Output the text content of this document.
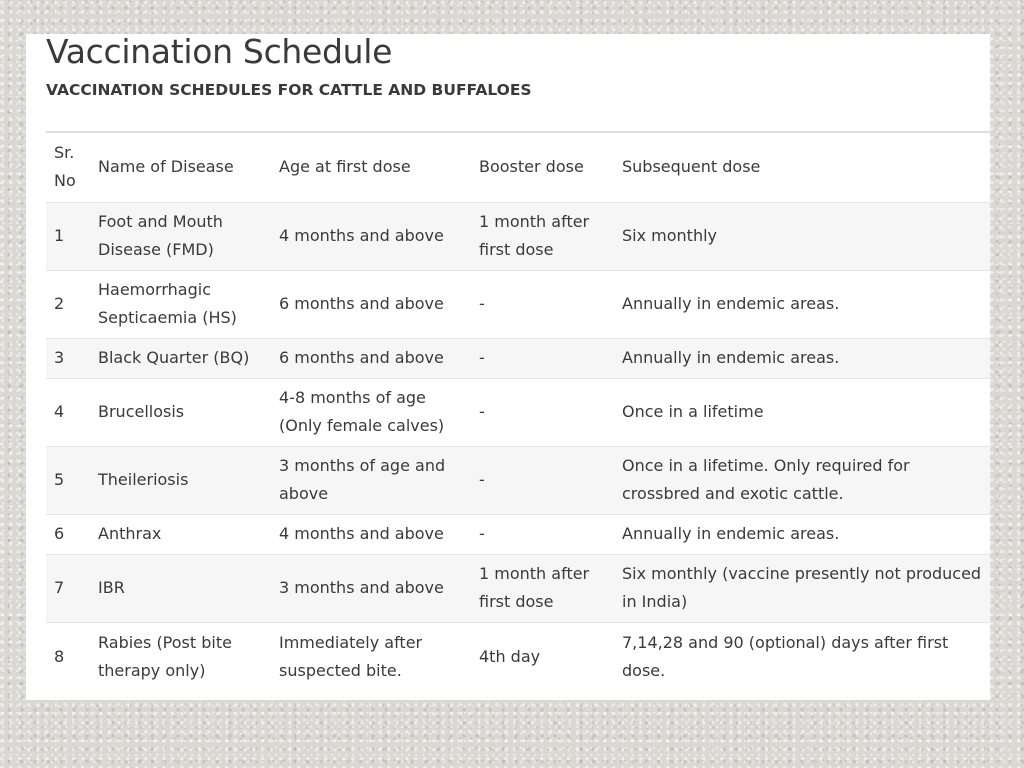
Vaccination Schedule
VACCINATION SCHEDULES FOR CATTLE AND BUFFALOES
Sr. No	Name of Disease	Age at first dose	Booster dose	Subsequent dose
1	Foot and Mouth Disease (FMD)	4 months and above	1 month after first dose	Six monthly
2	Haemorrhagic Septicaemia (HS)	6 months and above	-	Annually in endemic areas.
3	Black Quarter (BQ)	6 months and above	-	Annually in endemic areas.
4	Brucellosis	4-8 months of age (Only female calves)	-	Once in a lifetime
5	Theileriosis	3 months of age and above	-	Once in a lifetime. Only required for crossbred and exotic cattle.
6	Anthrax	4 months and above	-	Annually in endemic areas.
7	IBR	3 months and above	1 month after first dose	Six monthly (vaccine presently not produced in India)
8	Rabies (Post bite therapy only)	Immediately after suspected bite.	4th day	7,14,28 and 90 (optional) days after first dose.
